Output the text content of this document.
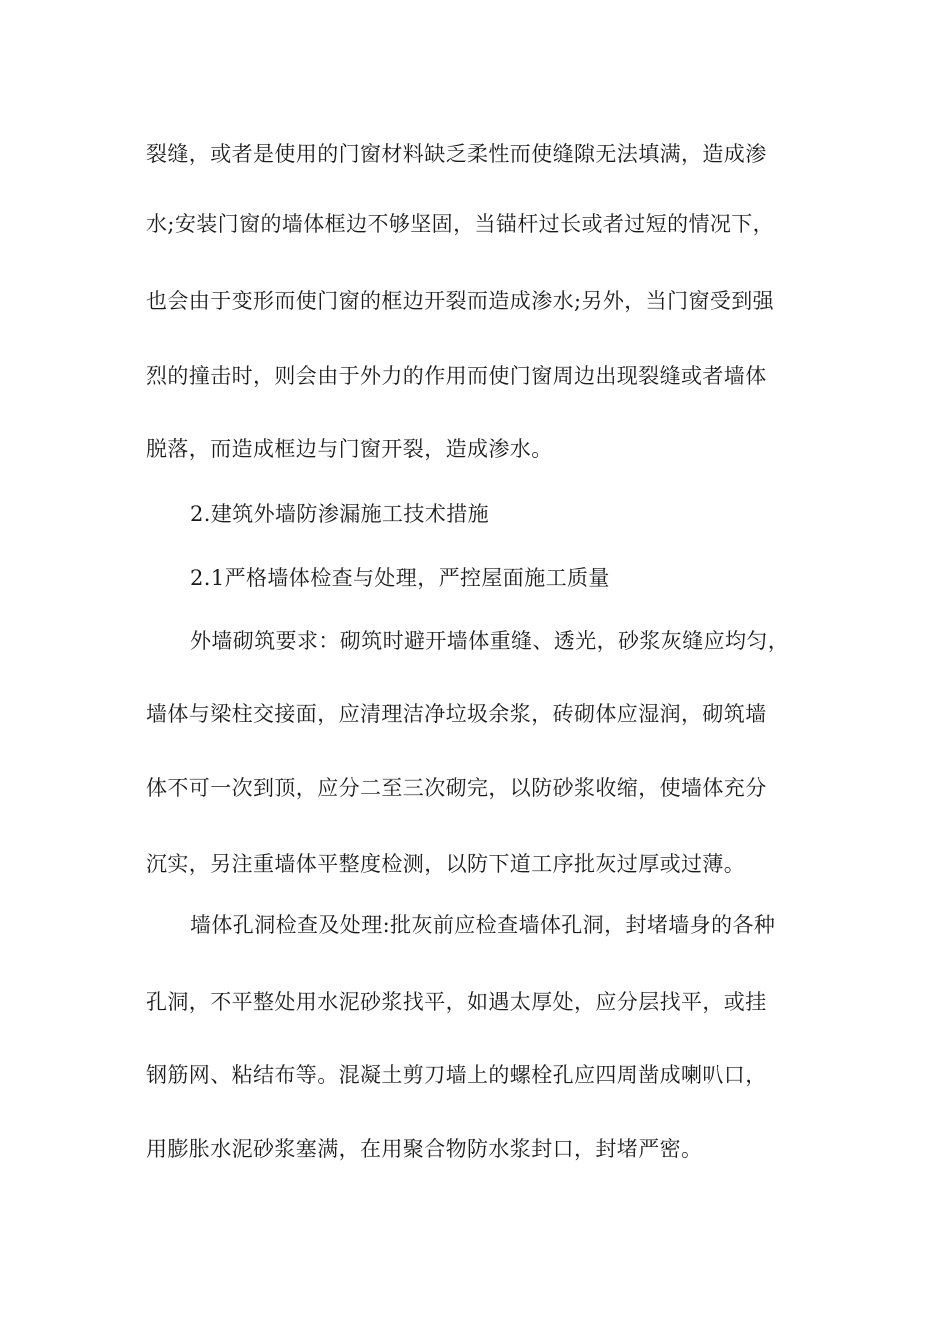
裂缝，或者是使用的门窗材料缺乏柔性而使缝隙无法填满，造成渗
水;安装门窗的墙体框边不够坚固，当锚杆过长或者过短的情况下，
也会由于变形而使门窗的框边开裂而造成渗水;另外，当门窗受到强
烈的撞击时，则会由于外力的作用而使门窗周边出现裂缝或者墙体
脱落，而造成框边与门窗开裂，造成渗水。
2.建筑外墙防渗漏施工技术措施
2.1严格墙体检查与处理，严控屋面施工质量
外墙砌筑要求：砌筑时避开墙体重缝、透光，砂浆灰缝应均匀，
墙体与梁柱交接面，应清理洁净垃圾余浆，砖砌体应湿润，砌筑墙
体不可一次到顶，应分二至三次砌完，以防砂浆收缩，使墙体充分
沉实，另注重墙体平整度检测，以防下道工序批灰过厚或过薄。
墙体孔洞检查及处理:批灰前应检查墙体孔洞，封堵墙身的各种
孔洞，不平整处用水泥砂浆找平，如遇太厚处，应分层找平，或挂
钢筋网、粘结布等。混凝土剪刀墙上的螺栓孔应四周凿成喇叭口，
用膨胀水泥砂浆塞满，在用聚合物防水浆封口，封堵严密。
